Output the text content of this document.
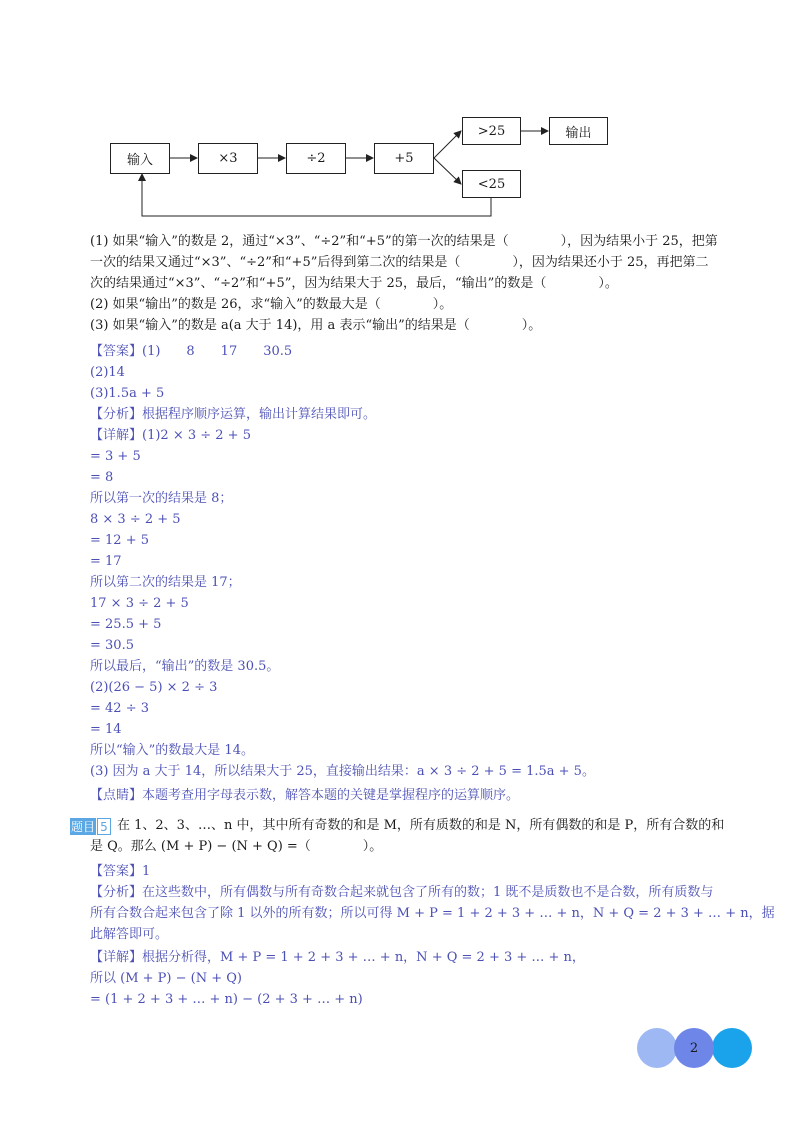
输入	×3	÷2	+5
>25
<25
输出
(1) 如果“输入”的数是 2，通过“×3”、“÷2”和“+5”的第一次的结果是（　　　　），因为结果小于 25，把第
一次的结果又通过“×3”、“÷2”和“+5”后得到第二次的结果是（　　　　），因为结果还小于 25，再把第二
次的结果通过“×3”、“÷2”和“+5”，因为结果大于 25，最后，“输出”的数是（　　　　）。
(2) 如果“输出”的数是 26，求“输入”的数最大是（　　　　）。
(3) 如果“输入”的数是 a(a 大于 14)，用 a 表示“输出”的结果是（　　　　）。
【答案】(1)　　8　　17　　30.5
(2)14
(3)1.5a + 5
【分析】根据程序顺序运算，输出计算结果即可。
【详解】(1)2 × 3 ÷ 2 + 5
= 3 + 5
= 8
所以第一次的结果是 8；
8 × 3 ÷ 2 + 5
= 12 + 5
= 17
所以第二次的结果是 17；
17 × 3 ÷ 2 + 5
= 25.5 + 5
= 30.5
所以最后，“输出”的数是 30.5。
(2)(26 − 5) × 2 ÷ 3
= 42 ÷ 3
= 14
所以“输入”的数最大是 14。
(3) 因为 a 大于 14，所以结果大于 25，直接输出结果：a × 3 ÷ 2 + 5 = 1.5a + 5。
【点睛】本题考查用字母表示数，解答本题的关键是掌握程序的运算顺序。
题目 5 在 1、2、3、…、n 中，其中所有奇数的和是 M，所有质数的和是 N，所有偶数的和是 P，所有合数的和
是 Q。那么 (M + P) − (N + Q) =（　　　　）。
【答案】1
【分析】在这些数中，所有偶数与所有奇数合起来就包含了所有的数；1 既不是质数也不是合数，所有质数与
所有合数合起来包含了除 1 以外的所有数；所以可得 M + P = 1 + 2 + 3 + … + n，N + Q = 2 + 3 + … + n，据
此解答即可。
【详解】根据分析得，M + P = 1 + 2 + 3 + … + n，N + Q = 2 + 3 + … + n，
所以 (M + P) − (N + Q)
= (1 + 2 + 3 + … + n) − (2 + 3 + … + n)
2
